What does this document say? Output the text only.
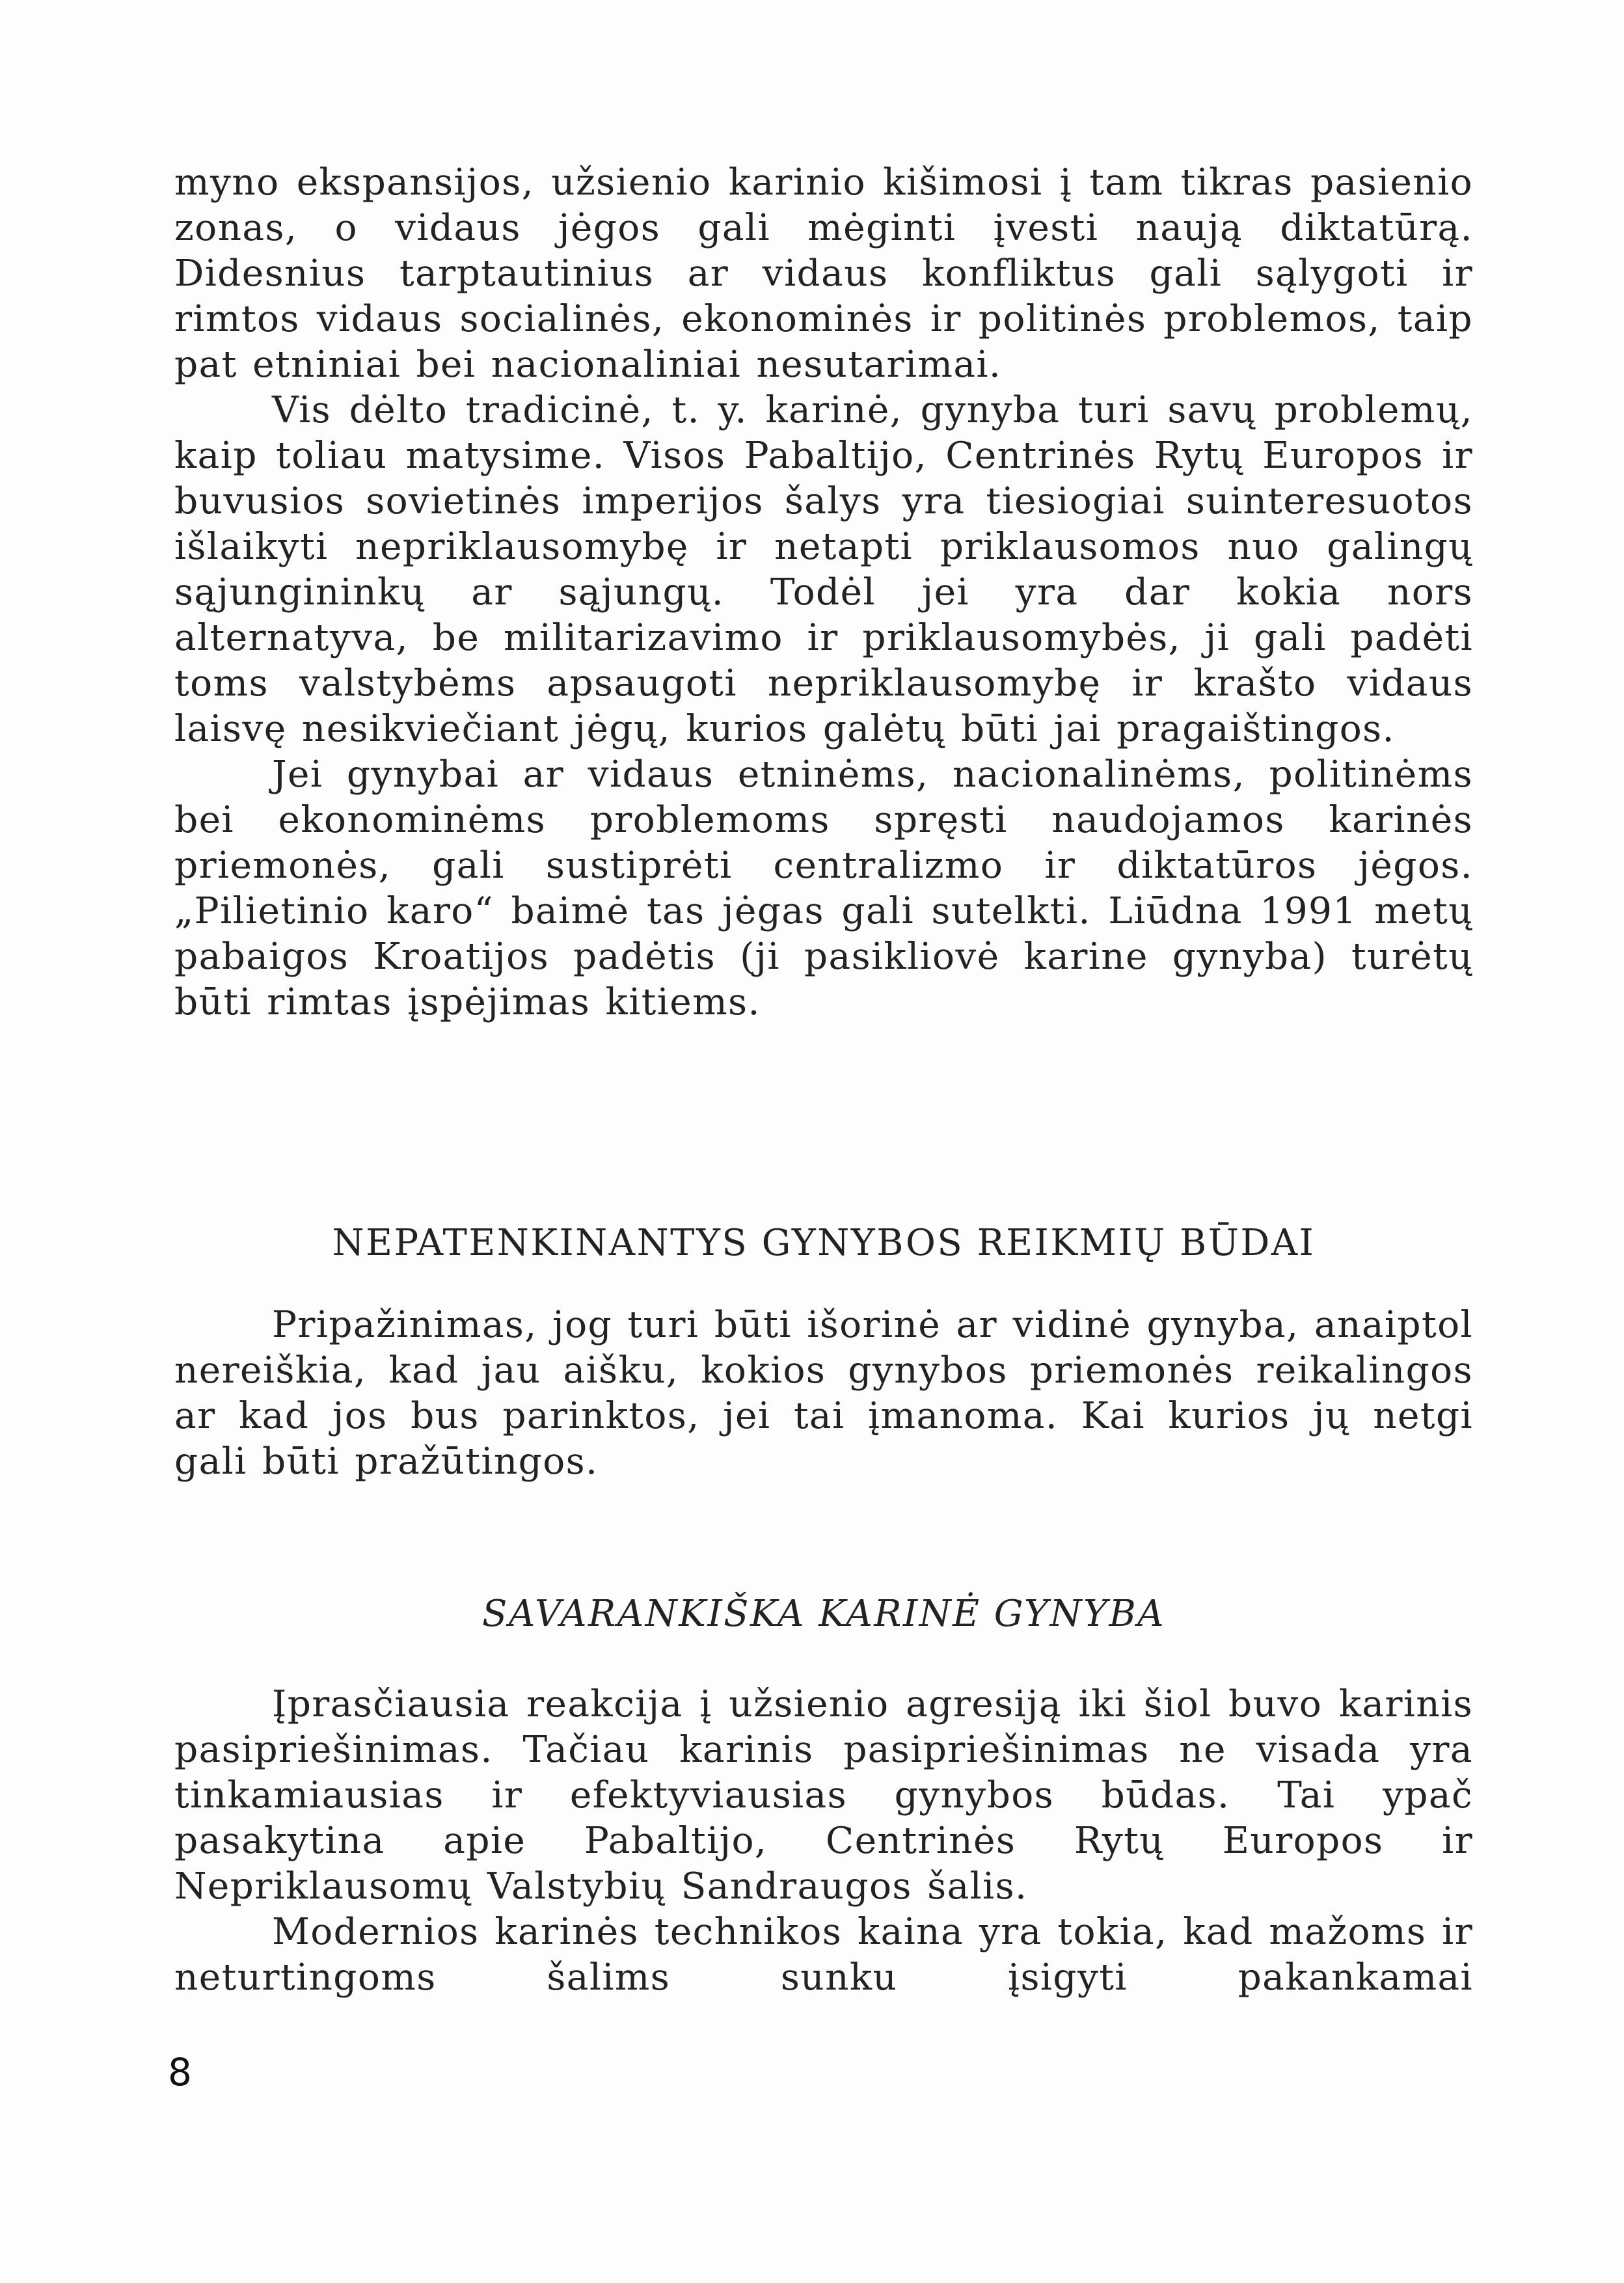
myno ekspansijos, užsienio karinio kišimosi į tam tikras pasienio zonas, o vidaus jėgos gali mėginti įvesti naują diktatūrą. Didesnius tarptautinius ar vidaus konfliktus gali sąlygoti ir rimtos vidaus socialinės, ekonominės ir politinės problemos, taip pat etniniai bei nacionaliniai nesutarimai.

Vis dėlto tradicinė, t. y. karinė, gynyba turi savų problemų, kaip toliau matysime. Visos Pabaltijo, Centrinės Rytų Europos ir buvusios sovietinės imperijos šalys yra tiesiogiai suinteresuotos išlaikyti nepriklausomybę ir netapti priklausomos nuo galingų sąjungininkų ar sąjungų. Todėl jei yra dar kokia nors alternatyva, be militarizavimo ir priklausomybės, ji gali padėti toms valstybėms apsaugoti nepriklausomybę ir krašto vidaus laisvę nesikviečiant jėgų, kurios galėtų būti jai pragaištingos.

Jei gynybai ar vidaus etninėms, nacionalinėms, politinėms bei ekonominėms problemoms spręsti naudojamos karinės priemonės, gali sustiprėti centralizmo ir diktatūros jėgos. „Pilietinio karo“ baimė tas jėgas gali sutelkti. Liūdna 1991 metų pabaigos Kroatijos padėtis (ji pasikliovė karine gynyba) turėtų būti rimtas įspėjimas kitiems.

NEPATENKINANTYS GYNYBOS REIKMIŲ BŪDAI

Pripažinimas, jog turi būti išorinė ar vidinė gynyba, anaiptol nereiškia, kad jau aišku, kokios gynybos priemonės reikalingos ar kad jos bus parinktos, jei tai įmanoma. Kai kurios jų netgi gali būti pražūtingos.

SAVARANKIŠKA KARINĖ GYNYBA

Įprasčiausia reakcija į užsienio agresiją iki šiol buvo karinis pasipriešinimas. Tačiau karinis pasipriešinimas ne visada yra tinkamiausias ir efektyviausias gynybos būdas. Tai ypač pasakytina apie Pabaltijo, Centrinės Rytų Europos ir Nepriklausomų Valstybių Sandraugos šalis.

Modernios karinės technikos kaina yra tokia, kad mažoms ir neturtingoms šalims sunku įsigyti pakankamai

8
